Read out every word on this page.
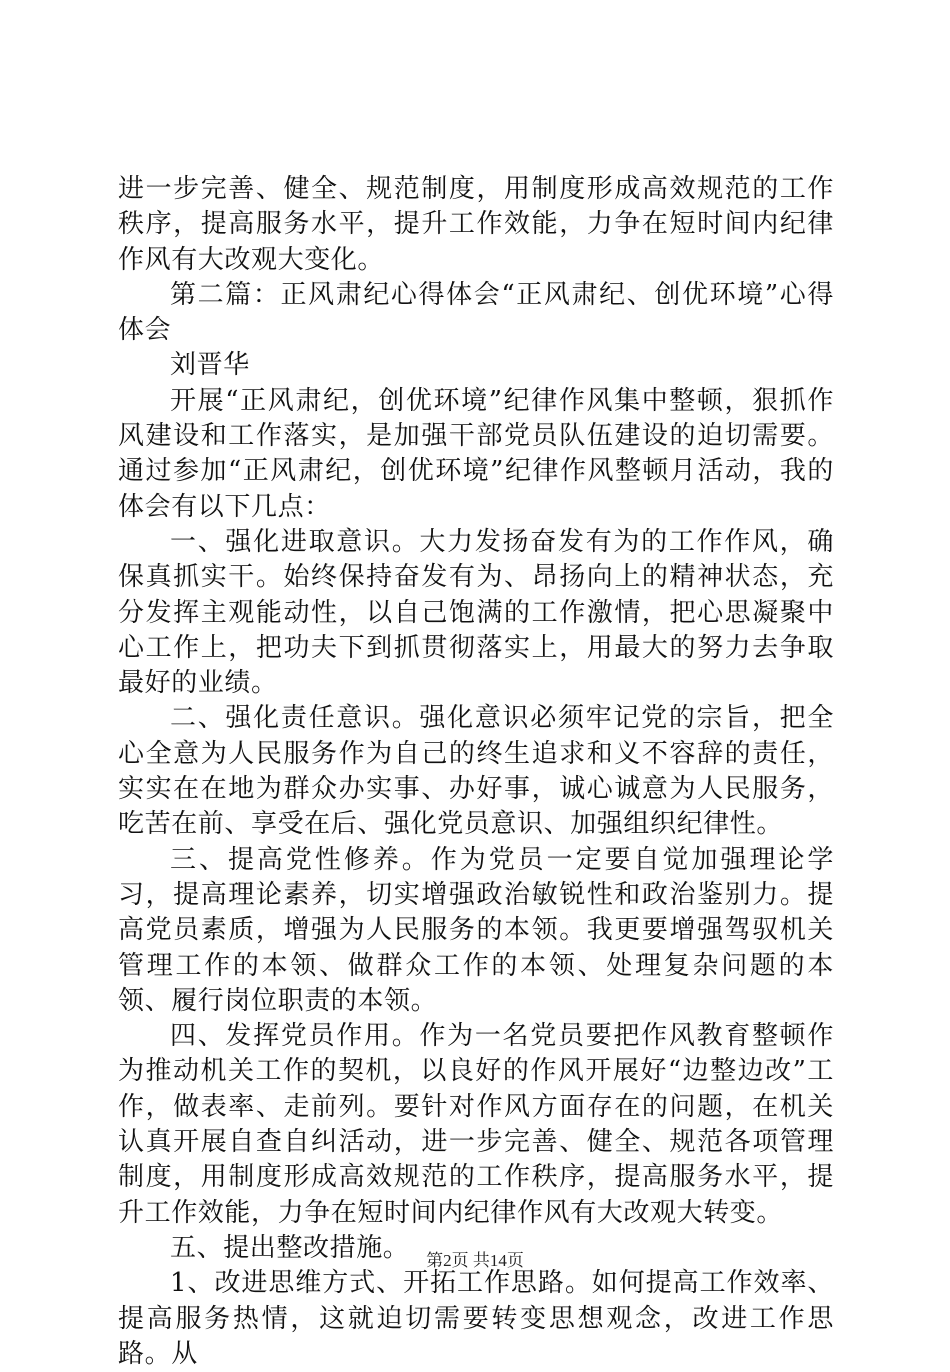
进一步完善、健全、规范制度，用制度形成高效规范的工作秩序，提高服务水平，提升工作效能，力争在短时间内纪律作风有大改观大变化。

第二篇：正风肃纪心得体会“正风肃纪、创优环境”心得体会

刘晋华

开展“正风肃纪，创优环境”纪律作风集中整顿，狠抓作风建设和工作落实，是加强干部党员队伍建设的迫切需要。通过参加“正风肃纪，创优环境”纪律作风整顿月活动，我的体会有以下几点：

一、强化进取意识。大力发扬奋发有为的工作作风，确保真抓实干。始终保持奋发有为、昂扬向上的精神状态，充分发挥主观能动性，以自己饱满的工作激情，把心思凝聚中心工作上，把功夫下到抓贯彻落实上，用最大的努力去争取最好的业绩。

二、强化责任意识。强化意识必须牢记党的宗旨，把全心全意为人民服务作为自己的终生追求和义不容辞的责任，实实在在地为群众办实事、办好事，诚心诚意为人民服务，吃苦在前、享受在后、强化党员意识、加强组织纪律性。

三、提高党性修养。作为党员一定要自觉加强理论学习，提高理论素养，切实增强政治敏锐性和政治鉴别力。提高党员素质，增强为人民服务的本领。我更要增强驾驭机关管理工作的本领、做群众工作的本领、处理复杂问题的本领、履行岗位职责的本领。

四、发挥党员作用。作为一名党员要把作风教育整顿作为推动机关工作的契机，以良好的作风开展好“边整边改”工作，做表率、走前列。要针对作风方面存在的问题，在机关认真开展自查自纠活动，进一步完善、健全、规范各项管理制度，用制度形成高效规范的工作秩序，提高服务水平，提升工作效能，力争在短时间内纪律作风有大改观大转变。

五、提出整改措施。

1、改进思维方式、开拓工作思路。如何提高工作效率、提高服务热情，这就迫切需要转变思想观念，改进工作思路。从

第2页 共14页
